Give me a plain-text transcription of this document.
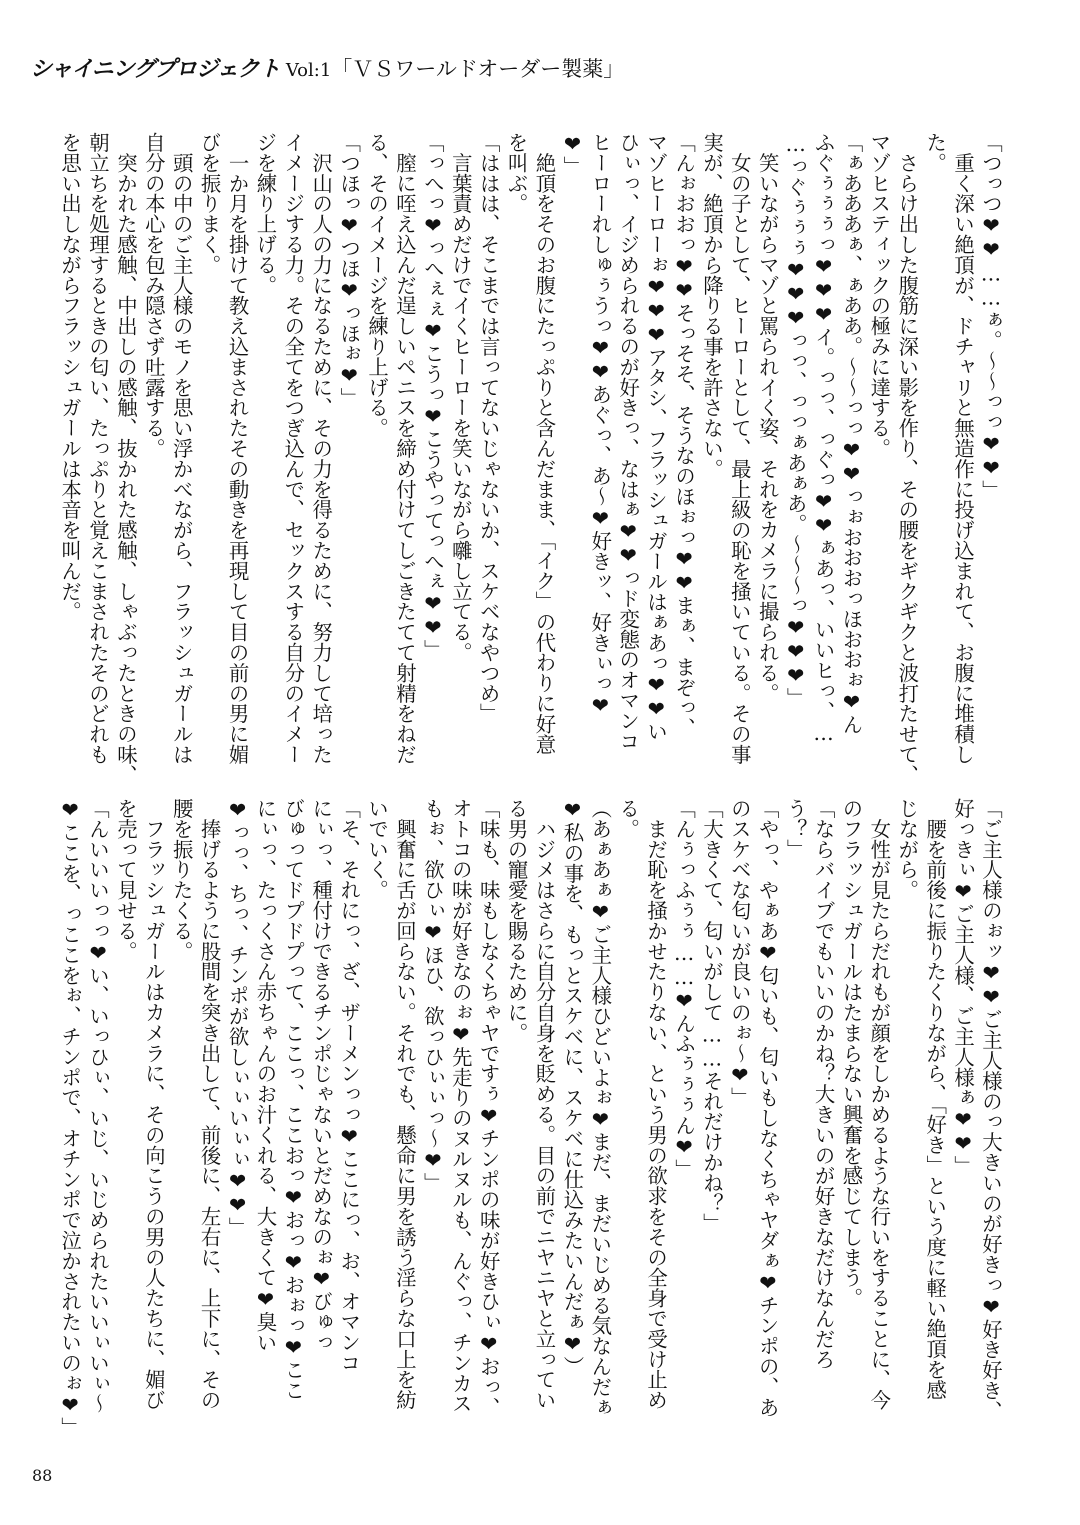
シャイニングプロジェクト Vol:1「ＶＳワールドオーダー製薬」
「つっつ❤❤……ぁ。〜〜っっ❤❤」
　重く深い絶頂が、ドチャリと無造作に投げ込まれて、お腹に堆積し
た。
　さらけ出した腹筋に深い影を作り、その腰をギクギクと波打たせて、
マゾヒスティックの極みに達する。
「ぁあああぁ、ぁああ。〜〜っっ❤❤っぉおおおっほおおぉ❤ん
ふぐぅぅぅっ❤❤❤イ。っっ、っぐっ❤❤ぁあっ、いいヒっ、…
…っぐぅぅぅ❤❤❤っっ、っっぁあぁあ。〜〜〜っ❤❤❤」
　笑いながらマゾと罵られイく姿、それをカメラに撮られる。
　女の子として、ヒーローとして、最上級の恥を掻いている。その事
実が、絶頂から降りる事を許さない。
「んぉおおっ❤❤そっそそ、そうなのほぉっ❤❤まぁ、まぞっ、
マゾヒーローぉ❤❤❤アタシ、フラッシュガールはぁあっ❤❤い
ひぃっ、イジめられるのが好きっ、なはぁ❤❤っド変態のオマンコ
ヒーローれしゅぅうっ❤❤あぐっ、あ〜❤好きッ、好きぃっ❤
❤」
　絶頂をそのお腹にたっぷりと含んだまま、「イク」の代わりに好意
を叫ぶ。
「ははは、そこまでは言ってないじゃないか、スケベなやつめ」
　言葉責めだけでイくヒーローを笑いながら囃し立てる。
「っへっ❤っへぇぇ❤こうっ❤こうやってっへぇ❤❤」
　膣に咥え込んだ逞しいペニスを締め付けてしごきたてて射精をねだ
る、そのイメージを練り上げる。
「つほっ❤つほ❤っほぉ❤」
　沢山の人の力になるために、その力を得るために、努力して培った
イメージする力。その全てをつぎ込んで、セックスする自分のイメー
ジを練り上げる。
　一か月を掛けて教え込まされたその動きを再現して目の前の男に媚
びを振りまく。
　頭の中のご主人様のモノを思い浮かべながら、フラッシュガールは
自分の本心を包み隠さず吐露する。
　突かれた感触、中出しの感触、抜かれた感触、しゃぶったときの味、
朝立ちを処理するときの匂い、たっぷりと覚えこまされたそのどれも
を思い出しながらフラッシュガールは本音を叫んだ。
「ご主人様のぉッ❤❤ご主人様のっ大きいのが好きっ❤好き好き、
好っきぃ❤ご主人様、ご主人様ぁ❤❤」
　腰を前後に振りたくりながら、「好き」という度に軽い絶頂を感
じながら。
　女性が見たらだれもが顔をしかめるような行いをすることに、今
のフラッシュガールはたまらない興奮を感じてしまう。
「ならバイブでもいいのかね？大きいのが好きなだけなんだろ
う？」
「やっ、やぁあ❤匂いも、匂いもしなくちゃヤダぁ❤チンポの、あ
のスケベな匂いが良いのぉ〜❤」
「大きくて、匂いがして……それだけかね？」
「んぅっふぅぅ……❤んふぅぅぅん❤」
　まだ恥を掻かせたりない、という男の欲求をその全身で受け止め
る。
（あぁあぁ❤ご主人様ひどいよぉ❤まだ、まだいじめる気なんだぁ
❤私の事を、もっとスケベに、スケベに仕込みたいんだぁ❤）
　ハジメはさらに自分自身を貶める。目の前でニヤニヤと立ってい
る男の寵愛を賜るために。
「味も、味もしなくちゃヤですぅ❤チンポの味が好きひぃ❤おっ、
オトコの味が好きなのぉ❤先走りのヌルヌルも、んぐっ、チンカス
もぉ、欲ひぃ❤ほひ、欲っひぃぃっ〜❤」
　興奮に舌が回らない。それでも、懸命に男を誘う淫らな口上を紡
いでいく。
「そ、それにっ、ざ、ザーメンっっ❤ここにっ、お、オマンコ
にぃっ、種付けできるチンポじゃないとだめなのぉ❤びゅっ
びゅってドプドプって、ここっ、ここおっ❤おっ❤おぉっ❤ここ
にぃっ、たっくさん赤ちゃんのお汁くれる、大きくて❤臭い
❤っっ、ちっ、チンポが欲しぃぃいぃぃ❤❤」
　捧げるように股間を突き出して、前後に、左右に、上下に、その
腰を振りたくる。
　フラッシュガールはカメラに、その向こうの男の人たちに、媚び
を売って見せる。
「んいいいっっ❤い、いっひぃ、いじ、いじめられたいいぃいぃ〜
❤ここを、っここをぉ、チンポで、オチンポで泣かされたいのぉ❤」
88
